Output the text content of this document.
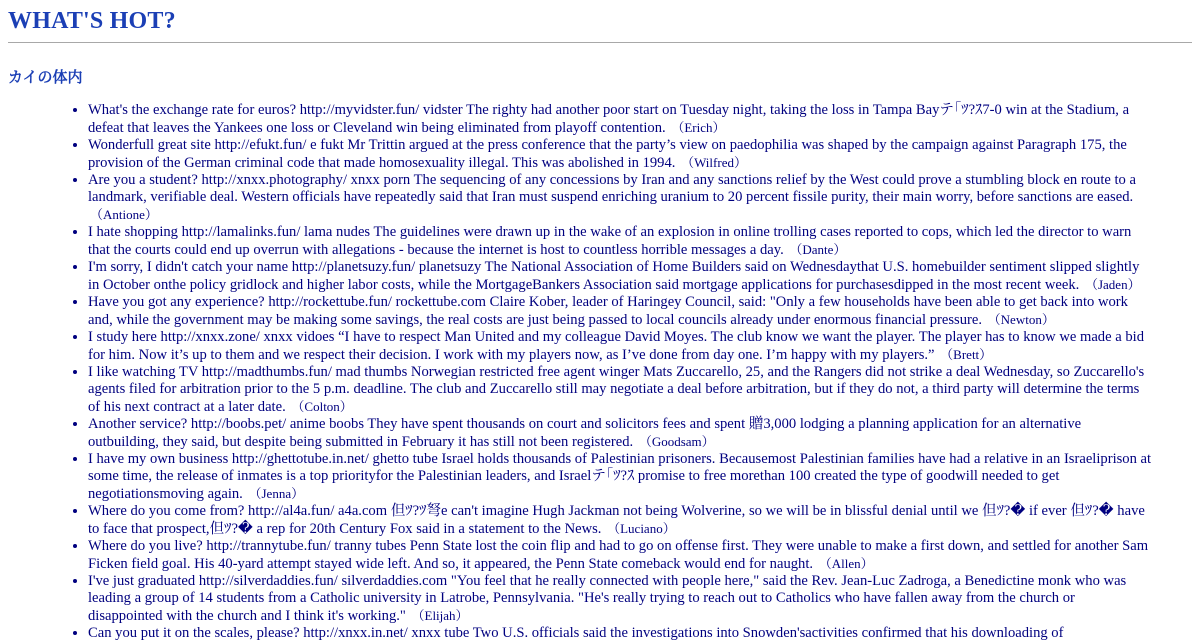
WHAT'S HOT?
カイの体内
• What's the exchange rate for euros? http://myvidster.fun/ vidster The righty had another poor start on Tuesday night, taking the loss in Tampa Bayテ｢ﾂ?ｽ7-0 win at the Stadium, a defeat that leaves the Yankees one loss or Cleveland win being eliminated from playoff contention. （Erich）
• Wonderfull great site http://efukt.fun/ e fukt Mr Trittin argued at the press conference that the party’s view on paedophilia was shaped by the campaign against Paragraph 175, the provision of the German criminal code that made homosexuality illegal. This was abolished in 1994. （Wilfred）
• Are you a student? http://xnxx.photography/ xnxx porn The sequencing of any concessions by Iran and any sanctions relief by the West could prove a stumbling block en route to a landmark, verifiable deal. Western officials have repeatedly said that Iran must suspend enriching uranium to 20 percent fissile purity, their main worry, before sanctions are eased. （Antione）
• I hate shopping http://lamalinks.fun/ lama nudes The guidelines were drawn up in the wake of an explosion in online trolling cases reported to cops, which led the director to warn that the courts could end up overrun with allegations - because the internet is host to countless horrible messages a day. （Dante）
• I'm sorry, I didn't catch your name http://planetsuzy.fun/ planetsuzy The National Association of Home Builders said on Wednesdaythat U.S. homebuilder sentiment slipped slightly in October onthe policy gridlock and higher labor costs, while the MortgageBankers Association said mortgage applications for purchasesdipped in the most recent week. （Jaden）
• Have you got any experience? http://rockettube.fun/ rockettube.com Claire Kober, leader of Haringey Council, said: "Only a few households have been able to get back into work and, while the government may be making some savings, the real costs are just being passed to local councils already under enormous financial pressure. （Newton）
• I study here http://xnxx.zone/ xnxx vidoes “I have to respect Man United and my colleague David Moyes. The club know we want the player. The player has to know we made a bid for him. Now it’s up to them and we respect their decision. I work with my players now, as I’ve done from day one. I’m happy with my players.” （Brett）
• I like watching TV http://madthumbs.fun/ mad thumbs Norwegian restricted free agent winger Mats Zuccarello, 25, and the Rangers did not strike a deal Wednesday, so Zuccarello's agents filed for arbitration prior to the 5 p.m. deadline. The club and Zuccarello still may negotiate a deal before arbitration, but if they do not, a third party will determine the terms of his next contract at a later date. （Colton）
• Another service? http://boobs.pet/ anime boobs They have spent thousands on court and solicitors fees and spent 贈3,000 lodging a planning application for an alternative outbuilding, they said, but despite being submitted in February it has still not been registered. （Goodsam）
• I have my own business http://ghettotube.in.net/ ghetto tube Israel holds thousands of Palestinian prisoners. Becausemost Palestinian families have had a relative in an Israeliprison at some time, the release of inmates is a top priorityfor the Palestinian leaders, and Israelテ｢ﾂ?ｽ promise to free morethan 100 created the type of goodwill needed to get negotiationsmoving again. （Jenna）
• Where do you come from? http://al4a.fun/ a4a.com 但ﾂ?ﾂ弩e can't imagine Hugh Jackman not being Wolverine, so we will be in blissful denial until we 但ﾂ?� if ever 但ﾂ?� have to face that prospect,但ﾂ?� a rep for 20th Century Fox said in a statement to the News. （Luciano）
• Where do you live? http://trannytube.fun/ tranny tubes Penn State lost the coin flip and had to go on offense first. They were unable to make a first down, and settled for another Sam Ficken field goal. His 40-yard attempt stayed wide left. And so, it appeared, the Penn State comeback would end for naught. （Allen）
• I've just graduated http://silverdaddies.fun/ silverdaddies.com "You feel that he really connected with people here," said the Rev. Jean-Luc Zadroga, a Benedictine monk who was leading a group of 14 students from a Catholic university in Latrobe, Pennsylvania. "He's really trying to reach out to Catholics who have fallen away from the church or disappointed with the church and I think it's working." （Elijah）
• Can you put it on the scales, please? http://xnxx.in.net/ xnxx tube Two U.S. officials said the investigations into Snowden'sactivities confirmed that his downloading of
